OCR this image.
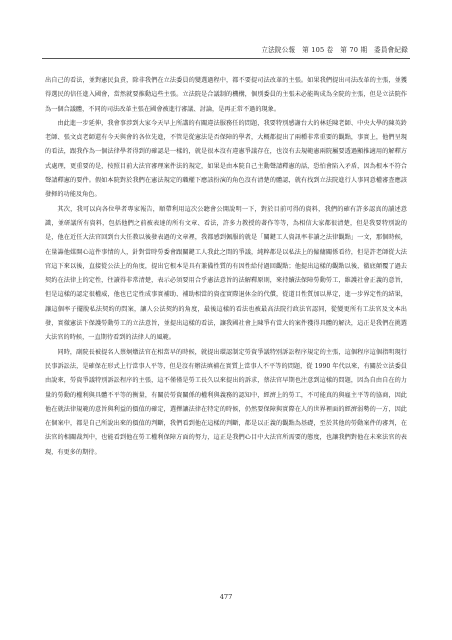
立法院公報　第 105 卷　第 70 期　委員會紀錄

出自己的看法，並對憲民負責，除非我們在立法委員的變選過程中，都不要提司法改革的主張。如果我們提出司法改革的主張，並獲得選民的信任進入國會，當然就要推動這些主張。立法院是合議制的機構，個別委員的主張未必能夠成為全院的主張，但是立法院作為一個合議體，不同的司法改革主張在國會被進行審議、討論，是再正常不過的現象。

由此進一步延伸，我會事涉到大家今天早上所講的有關違法服務任的問題，我要特別感謝台大的林廷陳老師、中央大學的陳英鈴老師、張文貞老師還有今天與會的各位先進，不管是從憲法是否保障的學者，大概都提出了兩種非常重要的觀點，事實上，他們呈現的看法，跟我作為一個法律學者得到的確認是一樣的，就是很本沒有違憲爭議存在，也沒有去規範憲兩院屬要透過顯推適用的解釋方式處理，更重要的是，按照目前大法官審理案件法的規定，如果是由本院自己主動聲請釋憲的話，恐怕會陷入矛盾，因為根本不符合聲請釋憲的要件。假如本院對於我們在憲法規定的職權下應該扮演的角色沒有清楚的體認，就有找到立法院進行人事同意權審查應該發揮的功能及角色。

其次，我可以向各位學者專家報告，順帶利用這次公聽會公開說明一下，對於目前可得的資料，我們的確有許多認真的讀述意識，並研議所有資料，包括他們之前被表達的所有文章、看法，許多力教授的著作等等，為相信大家都很清楚，但是我要特別說的是，他在近任大法官回到台大任教以後發表過的文章裡，我都感到佩服的就是「關鍵工人資訊率非讀之法律觀點」一文，那個時候，在量籌他媒開心這件事情的人，針對當時勞委會跟關鍵工人我此之間的爭議，純粹都是以私法上的僱傭關係看待，但是許老師從大法官這下來以後，直接從公法上的角度，提出它根本是具有兼備性質的有因性給付過回觀點；他提出這樣的觀點以後，徹底顛覆了過去契約在法律上的定性，往讀得非常清楚，表示必須要用合乎憲法意旨的法解釋原則，來持續法保障勞動勞工，維護社會正義的意旨，但是這樣的認定很權威，他也已定性成事實補助、補助相當的資產實際退休金的代償，從道目性質加以界定，進一步界定性的結果，讓這個率子擺脫私法契約的問案，讓人公法契約的角度，最後這樣的看法也被最高法院行政法官認同，從變更所有工法官及文本出發，實徹憲法下保護勞動勞工的立法意旨，並提出這樣的看法，讓我國社會上陳爭有當大的案件獲得具體的解決，這正是我們在挑選大法官的時候，一直期待看到的法律人的風範。

同時，副院長被提名人蔡炯燉法官在相當早的時候，就提出環認制定勞資爭議特別訴訟程序規定的主張，這個程序這個指明現行民事訴訟法，是確保在形式上行當事人平等，但是沒有辦法填補在實質上當事人不平等的問題，從 1990 年代以來，有關於立法委員由說來，勞資爭議特別訴訟程序的主張，這不僅僅是勞工長久以來提出的訴求，蔡法官早期也注意到這樣的問題，因為自由自在的力量的勞動的權利與具體不平等的衡量，有關於勞資關係的權利與義務的認知中，經濟上的勞工，不可能真的與雇主平等的協商，因此他在就法律規範的意旨與利益的價值的確定，選擇讓法律在特定的時候，仍然要保障與實際在人的世界裡面的經濟弱勢的一方，因此在個案中，都是自己所說出來的價值的判斷，我們看到他在這樣的判斷，都是以正義的觀點為基礎，至於其他的勞動案件的審判，在法官的相關裁判中，也能看到他在勞工權利保障方面的努力，這正是我們心目中大法官所需要的態度，也讓我們對他在未來法官的表現，有更多的期待。

477
